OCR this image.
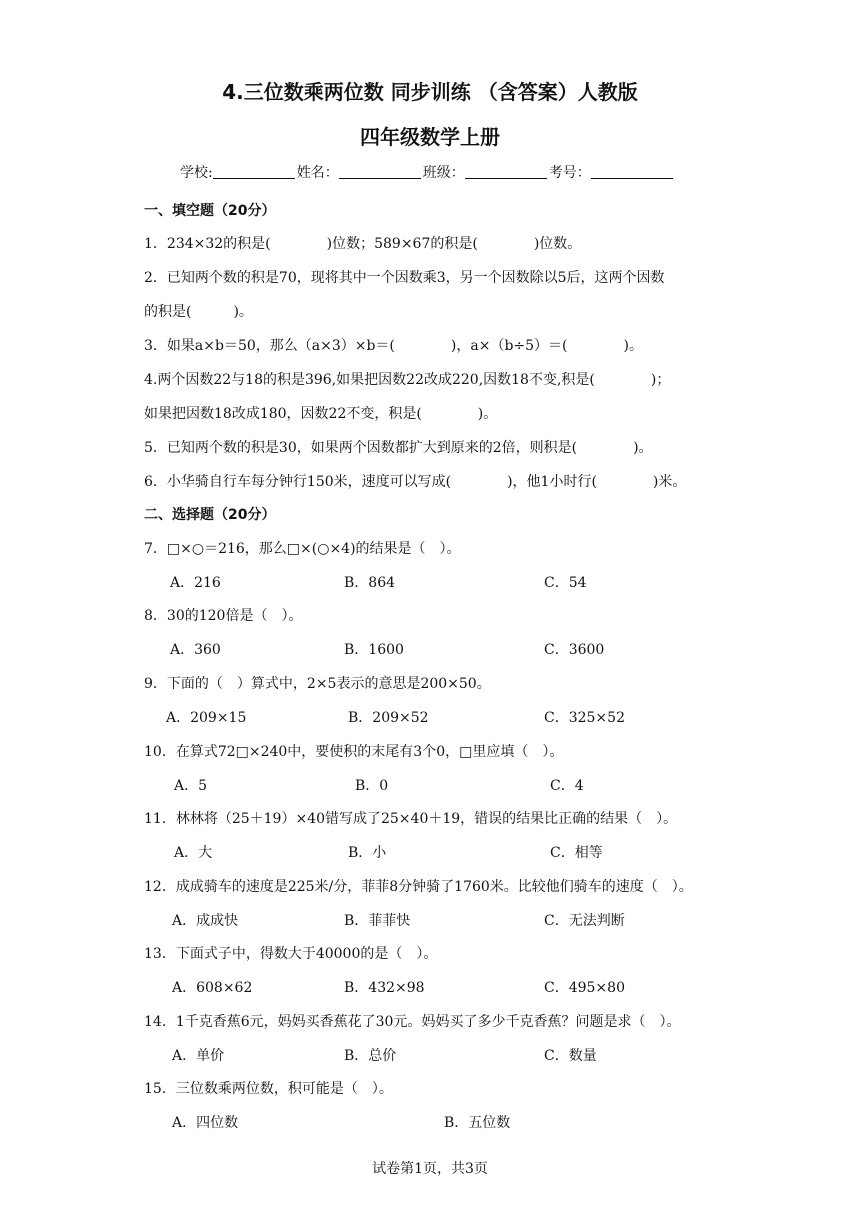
4.三位数乘两位数 同步训练 （含答案）人教版
四年级数学上册
学校:	姓名：	班级：	考号：
一、填空题（20分）
1．234×32的积是(　　　　)位数；589×67的积是(　　　　)位数。
2．已知两个数的积是70，现将其中一个因数乘3，另一个因数除以5后，这两个因数
的积是(　　　)。
3．如果a×b＝50，那么（a×3）×b＝(　　　　)，a×（b÷5）＝(　　　　)。
4.两个因数22与18的积是396,如果把因数22改成220,因数18不变,积是(　　　　)；
如果把因数18改成180，因数22不变，积是(　　　　)。
5．已知两个数的积是30，如果两个因数都扩大到原来的2倍，则积是(　　　　)。
6．小华骑自行车每分钟行150米，速度可以写成(　　　　)，他1小时行(　　　　)米。
二、选择题（20分）
7．□×○＝216，那么□×(○×4)的结果是（　）。
A．216	B．864	C．54
8．30的120倍是（　）。
A．360	B．1600	C．3600
9．下面的（　）算式中，2×5表示的意思是200×50。
A．209×15	B．209×52	C．325×52
10．在算式72□×240中，要使积的末尾有3个0，□里应填（　）。
A．5	B．0	C．4
11．林林将（25＋19）×40错写成了25×40＋19，错误的结果比正确的结果（　）。
A．大	B．小	C．相等
12．成成骑车的速度是225米/分，菲菲8分钟骑了1760米。比较他们骑车的速度（　）。
A．成成快	B．菲菲快	C．无法判断
13．下面式子中，得数大于40000的是（　）。
A．608×62	B．432×98	C．495×80
14．1千克香蕉6元，妈妈买香蕉花了30元。妈妈买了多少千克香蕉？问题是求（　）。
A．单价	B．总价	C．数量
15．三位数乘两位数，积可能是（　）。
A．四位数	B．五位数
试卷第1页，共3页
